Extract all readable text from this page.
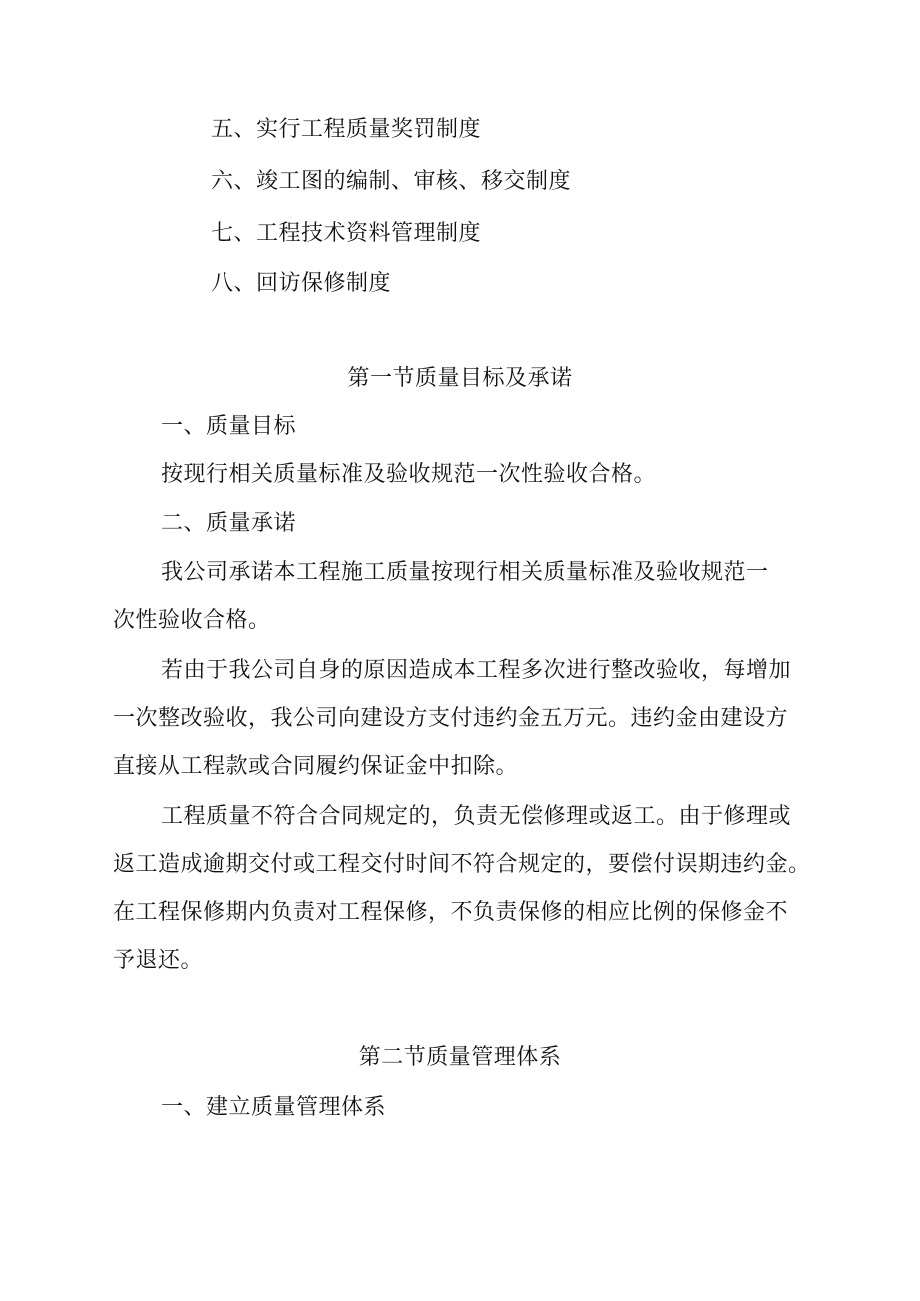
五、实行工程质量奖罚制度

六、竣工图的编制、审核、移交制度

七、工程技术资料管理制度

八、回访保修制度

第一节质量目标及承诺

一、质量目标

按现行相关质量标准及验收规范一次性验收合格。

二、质量承诺

我公司承诺本工程施工质量按现行相关质量标准及验收规范一

次性验收合格。

若由于我公司自身的原因造成本工程多次进行整改验收，每增加

一次整改验收，我公司向建设方支付违约金五万元。违约金由建设方

直接从工程款或合同履约保证金中扣除。

工程质量不符合合同规定的，负责无偿修理或返工。由于修理或

返工造成逾期交付或工程交付时间不符合规定的，要偿付误期违约金。

在工程保修期内负责对工程保修，不负责保修的相应比例的保修金不

予退还。

第二节质量管理体系

一、建立质量管理体系
